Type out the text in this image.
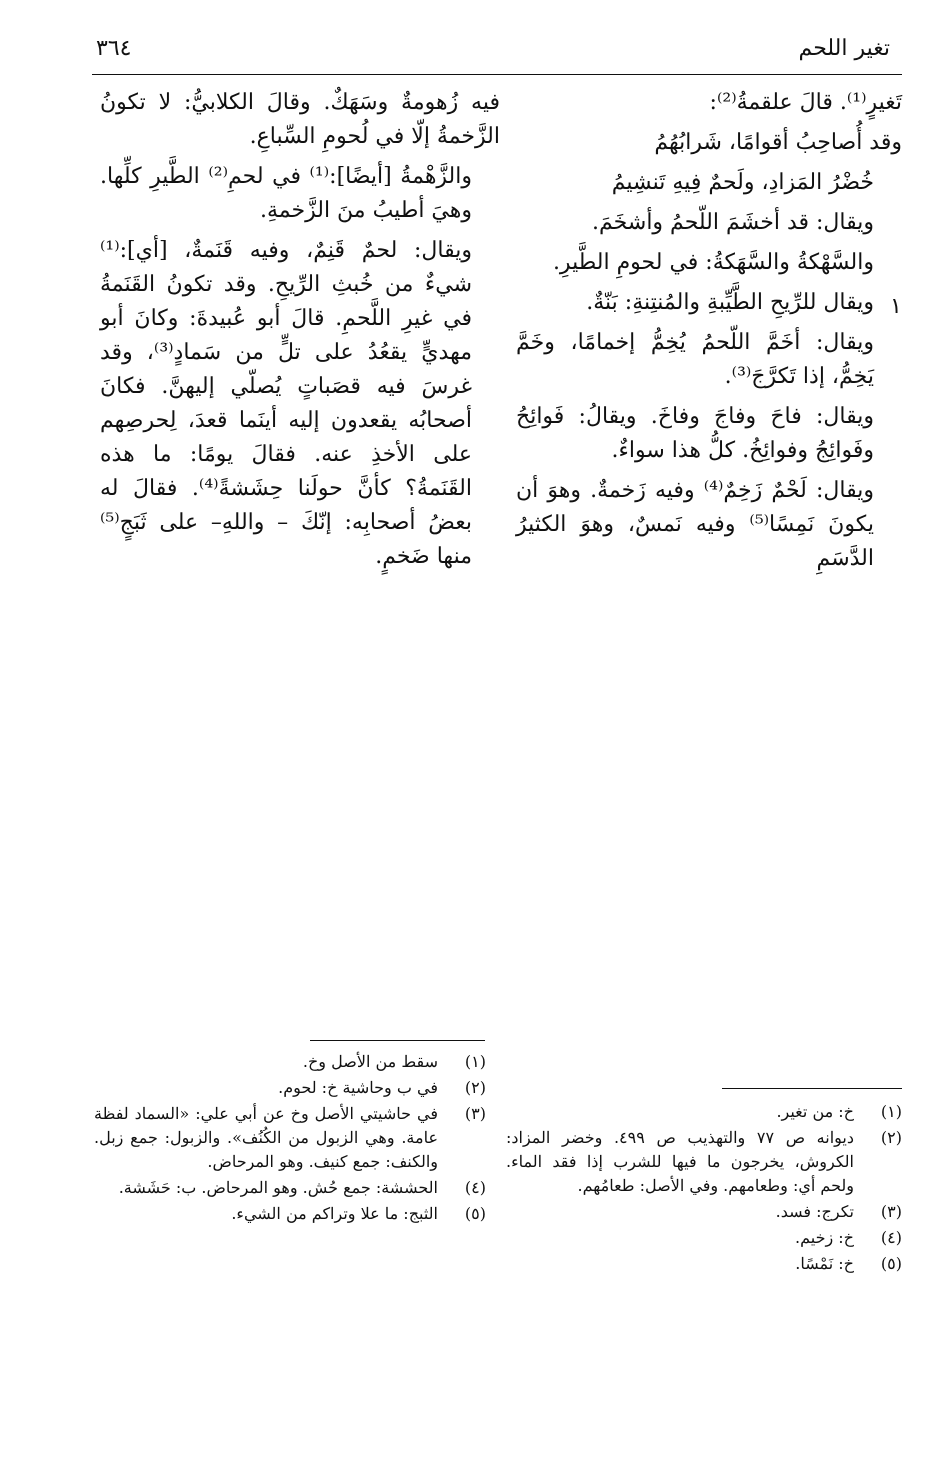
تغير اللحم
٣٦٤
١

تَغيرٍ⁽¹⁾. قالَ علقمةُ⁽²⁾:

وقد أُصاحِبُ أقوامًا، شَرابُهُمُ

خُضْرُ المَزادِ، ولَحمٌ فِيهِ تَنشِيمُ

ويقال: قد أخشَمَ اللّحمُ وأشخَمَ.

والسَّهْكةُ والسَّهَكةُ: في لحومِ الطَّيرِ.

ويقال للرِّيحِ الطَّيِّبةِ والمُنتِنةِ: بَنّةٌ.

ويقال: أخَمَّ اللّحمُ يُخِمُّ إخمامًا، وخَمَّ يَخِمُّ، إذا تَكرَّجَ⁽³⁾.

ويقال: فاحَ وفاجَ وفاخَ. ويقالُ: فَوائِحُ وفَوائِجُ وفوائِخُ. كلُّ هذا سواءٌ.

ويقال: لَحْمٌ زَخِمٌ⁽⁴⁾ وفيه زَخمةٌ. وهوَ أن يكونَ نَمِسًا⁽⁵⁾ وفيه نَمسٌ، وهوَ الكثيرُ الدَّسَمِ

فيه زُهومةٌ وسَهَكٌ. وقالَ الكلابيُّ: لا تكونُ الزَّخمةُ إلّا في لُحومِ السِّباعِ.

والزَّهْمةُ [أيضًا]:⁽¹⁾ في لحمِ⁽²⁾ الطَّيرِ كلِّها. وهيَ أطيبُ منَ الزَّخمةِ.

ويقال: لحمٌ قَنِمٌ، وفيه قَنَمةٌ، [أي]:⁽¹⁾ شيءٌ من خُبثِ الرِّيحِ. وقد تكونُ القَنَمةُ في غيرِ اللَّحمِ. قالَ أبو عُبيدةَ: وكانَ أبو مهديٍّ يقعُدُ على تلٍّ من سَمادٍ⁽³⁾، وقد غرسَ فيه قصَباتٍ يُصلّي إليهنَّ. فكانَ أصحابُه يقعدون إليه أينَما قعدَ، لِحرصِهم على الأخذِ عنه. فقالَ يومًا: ما هذه القَنَمةُ؟ كأنَّ حولَنا حِشَشةً⁽⁴⁾. فقالَ له بعضُ أصحابِه: إنّكَ – واللهِ– على ثَبَجٍ⁽⁵⁾ منها ضَخمٍ.

(١)
سقط من الأصل وخ.
(٢)
في ب وحاشية خ: لحوم.
(٣)
في حاشيتي الأصل وخ عن أبي علي: «السماد لفظة عامة. وهي الزبول من الكُنُف». والزبول: جمع زبل. والكنف: جمع كنيف. وهو المرحاض.
(٤)
الحششة: جمع حُش. وهو المرحاض. ب: حَشَشة.
(٥)
الثبج: ما علا وتراكم من الشيء.
(١)
خ: من تغير.
(٢)
ديوانه ص ٧٧ والتهذيب ص ٤٩٩. وخضر المزاد: الكروش، يخرجون ما فيها للشرب إذا فقد الماء. ولحم أي: وطعامهم. وفي الأصل: طعامُهم.
(٣)
تكرج: فسد.
(٤)
خ: زخيم.
(٥)
خ: نَمْسًا.
